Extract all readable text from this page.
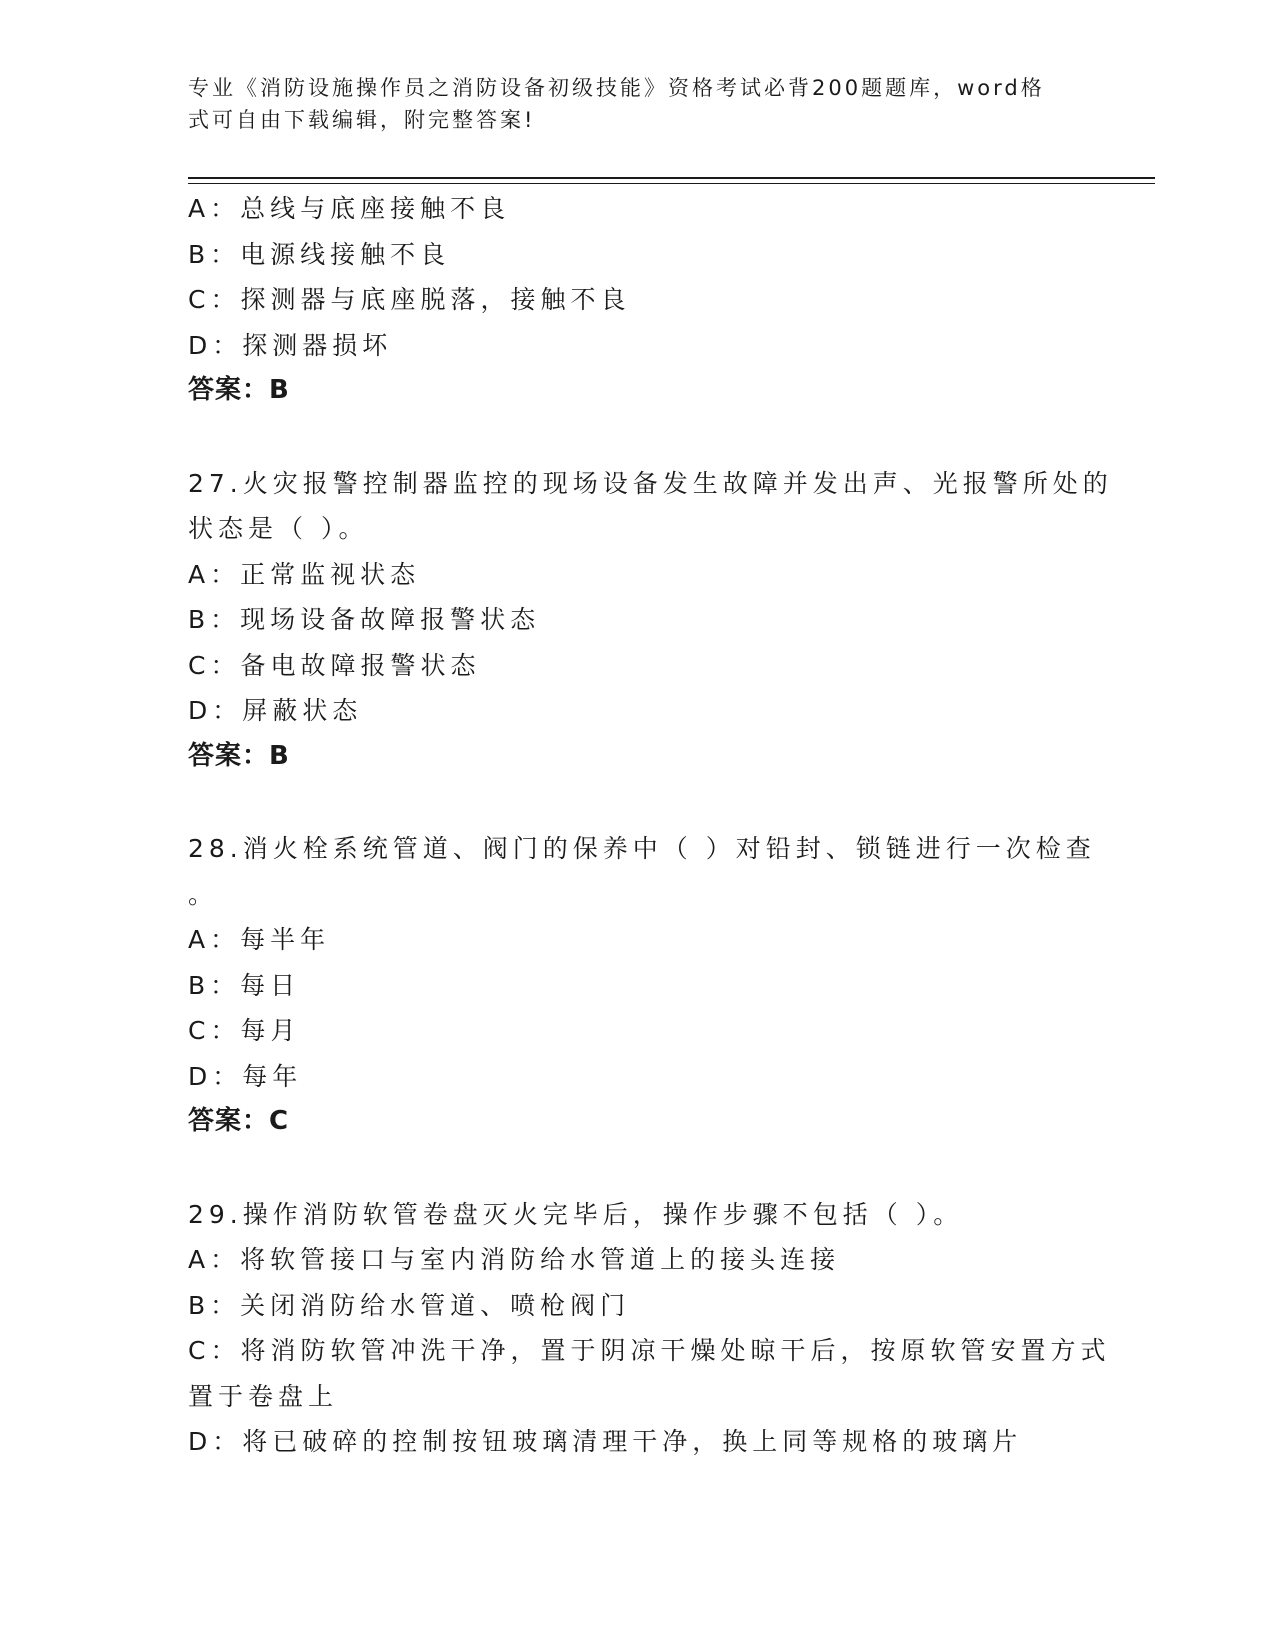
专业《消防设施操作员之消防设备初级技能》资格考试必背200题题库，word格
式可自由下载编辑，附完整答案!
A：总线与底座接触不良
B：电源线接触不良
C：探测器与底座脱落，接触不良
D：探测器损坏
答案：B
27.火灾报警控制器监控的现场设备发生故障并发出声、光报警所处的
状态是（ ）。
A：正常监视状态
B：现场设备故障报警状态
C：备电故障报警状态
D：屏蔽状态
答案：B
28.消火栓系统管道、阀门的保养中（ ）对铅封、锁链进行一次检查
。
A：每半年
B：每日
C：每月
D：每年
答案：C
29.操作消防软管卷盘灭火完毕后，操作步骤不包括（ ）。
A：将软管接口与室内消防给水管道上的接头连接
B：关闭消防给水管道、喷枪阀门
C：将消防软管冲洗干净，置于阴凉干燥处晾干后，按原软管安置方式
置于卷盘上
D：将已破碎的控制按钮玻璃清理干净，换上同等规格的玻璃片
